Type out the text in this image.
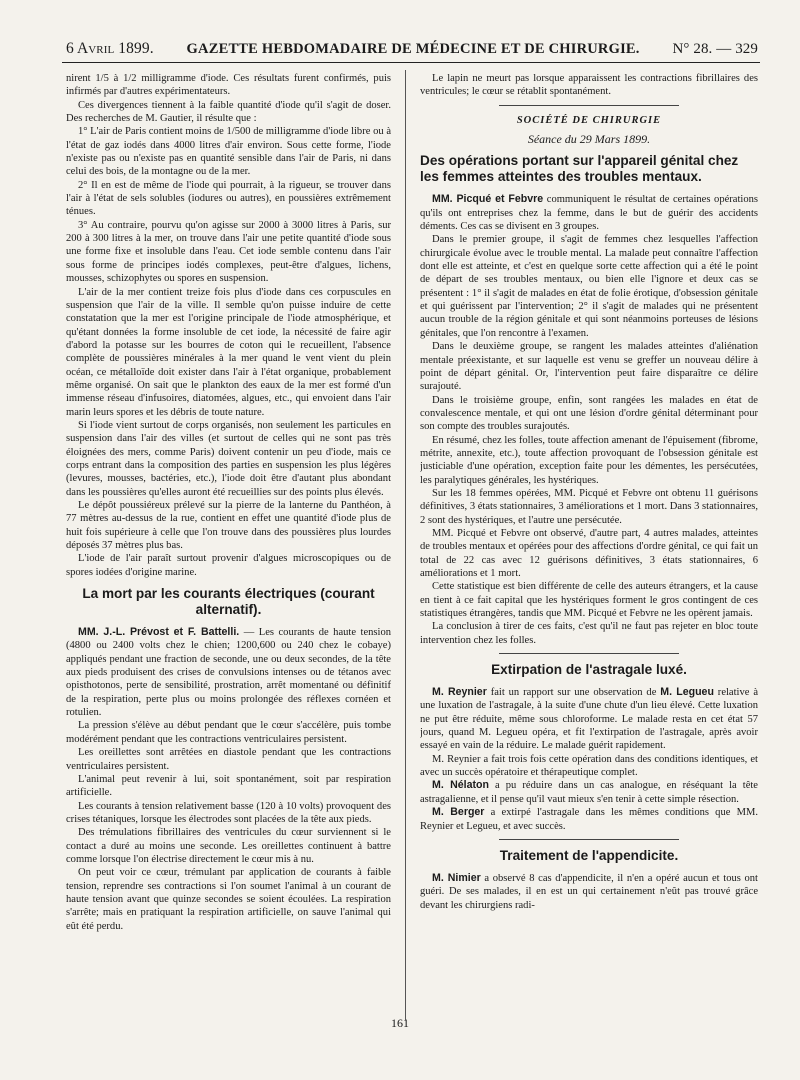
6 Avril 1899. GAZETTE HEBDOMADAIRE DE MÉDECINE ET DE CHIRURGIE. N° 28. — 329

nirent 1/5 à 1/2 milligramme d'iode. Ces résultats furent confirmés, puis infirmés par d'autres expérimentateurs.

Ces divergences tiennent à la faible quantité d'iode qu'il s'agit de doser. Des recherches de M. Gautier, il résulte que :

1° L'air de Paris contient moins de 1/500 de milligramme d'iode libre ou à l'état de gaz iodés dans 4000 litres d'air environ. Sous cette forme, l'iode n'existe pas ou n'existe pas en quantité sensible dans l'air de Paris, ni dans celui des bois, de la montagne ou de la mer.

2° Il en est de même de l'iode qui pourrait, à la rigueur, se trouver dans l'air à l'état de sels solubles (iodures ou autres), en poussières extrêmement ténues.

3° Au contraire, pourvu qu'on agisse sur 2000 à 3000 litres à Paris, sur 200 à 300 litres à la mer, on trouve dans l'air une petite quantité d'iode sous une forme fixe et insoluble dans l'eau. Cet iode semble contenu dans l'air sous forme de principes iodés complexes, peut-être d'algues, lichens, mousses, schizophytes ou spores en suspension.

L'air de la mer contient treize fois plus d'iode dans ces corpuscules en suspension que l'air de la ville. Il semble qu'on puisse induire de cette constatation que la mer est l'origine principale de l'iode atmosphérique, et qu'étant données la forme insoluble de cet iode, la nécessité de faire agir d'abord la potasse sur les bourres de coton qui le recueillent, l'absence complète de poussières minérales à la mer quand le vent vient du plein océan, ce métalloïde doit exister dans l'air à l'état organique, probablement même organisé. On sait que le plankton des eaux de la mer est formé d'un immense réseau d'infusoires, diatomées, algues, etc., qui envoient dans l'air marin leurs spores et les débris de toute nature.

Si l'iode vient surtout de corps organisés, non seulement les particules en suspension dans l'air des villes (et surtout de celles qui ne sont pas très éloignées des mers, comme Paris) doivent contenir un peu d'iode, mais ce corps entrant dans la composition des parties en suspension les plus légères (levures, mousses, bactéries, etc.), l'iode doit être d'autant plus abondant dans les poussières qu'elles auront été recueillies sur des points plus élevés.

Le dépôt poussiéreux prélevé sur la pierre de la lanterne du Panthéon, à 77 mètres au-dessus de la rue, contient en effet une quantité d'iode plus de huit fois supérieure à celle que l'on trouve dans des poussières plus lourdes déposés 37 mètres plus bas.

L'iode de l'air paraît surtout provenir d'algues microscopiques ou de spores iodées d'origine marine.

La mort par les courants électriques (courant alternatif).

MM. J.-L. Prévost et F. Battelli. — Les courants de haute tension (4800 ou 2400 volts chez le chien; 1200,600 ou 240 chez le cobaye) appliqués pendant une fraction de seconde, une ou deux secondes, de la tête aux pieds produisent des crises de convulsions intenses ou de tétanos avec opisthotonos, perte de sensibilité, prostration, arrêt momentané ou définitif de la respiration, perte plus ou moins prolongée des réflexes cornéen et rotulien.

La pression s'élève au début pendant que le cœur s'accélère, puis tombe modérément pendant que les contractions ventriculaires persistent.

Les oreillettes sont arrêtées en diastole pendant que les contractions ventriculaires persistent.

L'animal peut revenir à lui, soit spontanément, soit par respiration artificielle.

Les courants à tension relativement basse (120 à 10 volts) provoquent des crises tétaniques, lorsque les électrodes sont placées de la tête aux pieds.

Des trémulations fibrillaires des ventricules du cœur surviennent si le contact a duré au moins une seconde. Les oreillettes continuent à battre comme lorsque l'on électrise directement le cœur mis à nu.

On peut voir ce cœur, trémulant par application de courants à faible tension, reprendre ses contractions si l'on soumet l'animal à un courant de haute tension avant que quinze secondes se soient écoulées. La respiration s'arrête; mais en pratiquant la respiration artificielle, on sauve l'animal qui eût été perdu.

Le lapin ne meurt pas lorsque apparaissent les contractions fibrillaires des ventricules; le cœur se rétablit spontanément.

SOCIÉTÉ DE CHIRURGIE
Séance du 29 Mars 1899.
Des opérations portant sur l'appareil génital chez les femmes atteintes des troubles mentaux.

MM. Picqué et Febvre communiquent le résultat de certaines opérations qu'ils ont entreprises chez la femme, dans le but de guérir des accidents déments. Ces cas se divisent en 3 groupes.

Dans le premier groupe, il s'agit de femmes chez lesquelles l'affection chirurgicale évolue avec le trouble mental. La malade peut connaître l'affection dont elle est atteinte, et c'est en quelque sorte cette affection qui a été le point de départ de ses troubles mentaux, ou bien elle l'ignore et deux cas se présentent : 1° il s'agit de malades en état de folie érotique, d'obsession génitale et qui guérissent par l'intervention; 2° il s'agit de malades qui ne présentent aucun trouble de la région génitale et qui sont néanmoins porteuses de lésions génitales, que l'on rencontre à l'examen.

Dans le deuxième groupe, se rangent les malades atteintes d'aliénation mentale préexistante, et sur laquelle est venu se greffer un nouveau délire à point de départ génital. Or, l'intervention peut faire disparaître ce délire surajouté.

Dans le troisième groupe, enfin, sont rangées les malades en état de convalescence mentale, et qui ont une lésion d'ordre génital déterminant pour son compte des troubles surajoutés.

En résumé, chez les folles, toute affection amenant de l'épuisement (fibrome, métrite, annexite, etc.), toute affection provoquant de l'obsession génitale est justiciable d'une opération, exception faite pour les démentes, les persécutées, les paralytiques générales, les hystériques.

Sur les 18 femmes opérées, MM. Picqué et Febvre ont obtenu 11 guérisons définitives, 3 états stationnaires, 3 améliorations et 1 mort. Dans 3 stationnaires, 2 sont des hystériques, et l'autre une persécutée.

MM. Picqué et Febvre ont observé, d'autre part, 4 autres malades, atteintes de troubles mentaux et opérées pour des affections d'ordre génital, ce qui fait un total de 22 cas avec 12 guérisons définitives, 3 états stationnaires, 6 améliorations et 1 mort.

Cette statistique est bien différente de celle des auteurs étrangers, et la cause en tient à ce fait capital que les hystériques forment le gros contingent de ces statistiques étrangères, tandis que MM. Picqué et Febvre ne les opèrent jamais.

La conclusion à tirer de ces faits, c'est qu'il ne faut pas rejeter en bloc toute intervention chez les folles.

Extirpation de l'astragale luxé.

M. Reynier fait un rapport sur une observation de M. Legueu relative à une luxation de l'astragale, à la suite d'une chute d'un lieu élevé. Cette luxation ne put être réduite, même sous chloroforme. Le malade resta en cet état 57 jours, quand M. Legueu opéra, et fit l'extirpation de l'astragale, après avoir essayé en vain de la réduire. Le malade guérit rapidement.

M. Reynier a fait trois fois cette opération dans des conditions identiques, et avec un succès opératoire et thérapeutique complet.

M. Nélaton a pu réduire dans un cas analogue, en réséquant la tête astragalienne, et il pense qu'il vaut mieux s'en tenir à cette simple résection.

M. Berger a extirpé l'astragale dans les mêmes conditions que MM. Reynier et Legueu, et avec succès.

Traitement de l'appendicite.

M. Nimier a observé 8 cas d'appendicite, il n'en a opéré aucun et tous ont guéri. De ses malades, il en est un qui certainement n'eût pas trouvé grâce devant les chirurgiens radi-

161
